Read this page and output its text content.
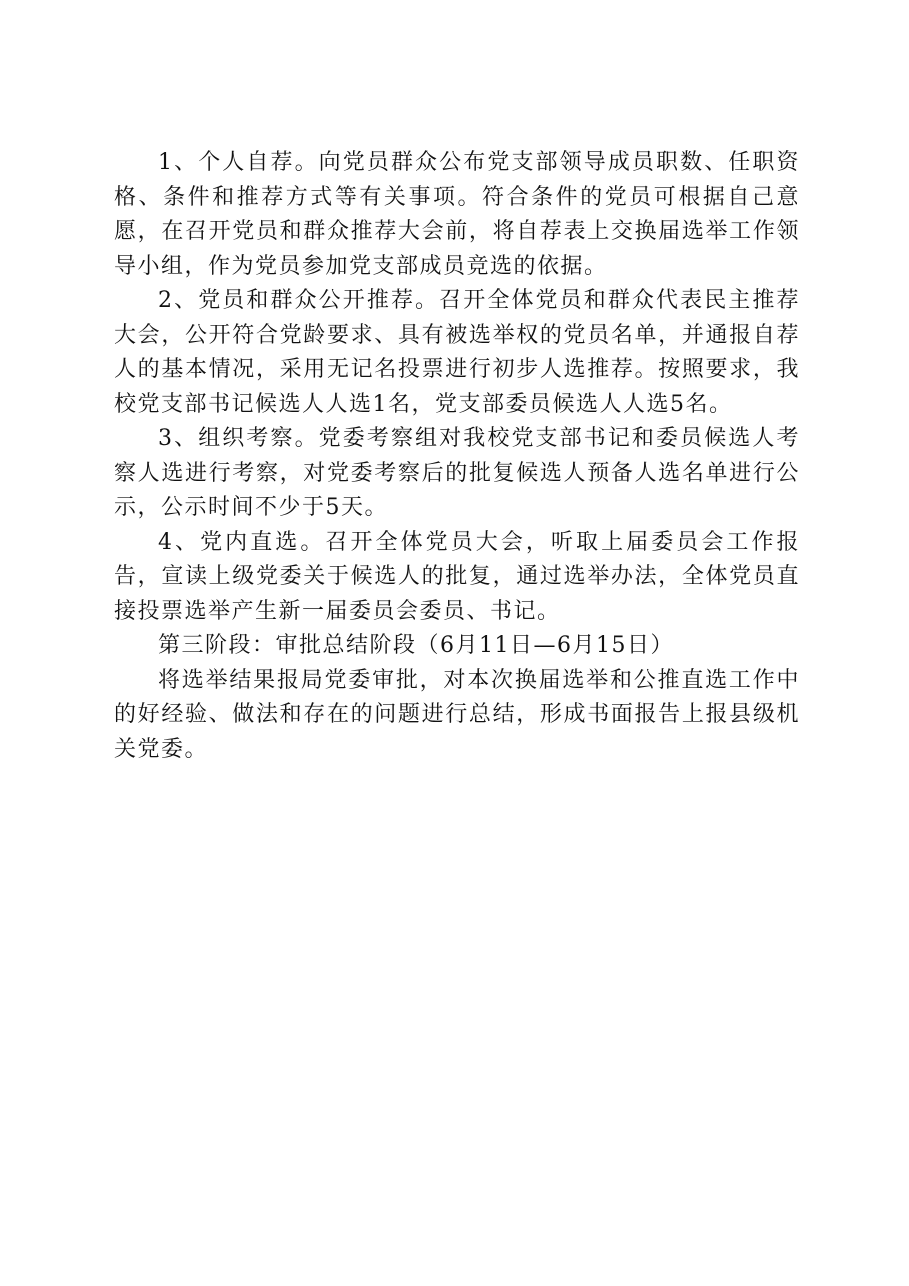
1、个人自荐。向党员群众公布党支部领导成员职数、任职资格、条件和推荐方式等有关事项。符合条件的党员可根据自己意愿，在召开党员和群众推荐大会前，将自荐表上交换届选举工作领导小组，作为党员参加党支部成员竞选的依据。

2、党员和群众公开推荐。召开全体党员和群众代表民主推荐大会，公开符合党龄要求、具有被选举权的党员名单，并通报自荐人的基本情况，采用无记名投票进行初步人选推荐。按照要求，我校党支部书记候选人人选1名，党支部委员候选人人选5名。

3、组织考察。党委考察组对我校党支部书记和委员候选人考察人选进行考察，对党委考察后的批复候选人预备人选名单进行公示，公示时间不少于5天。

4、党内直选。召开全体党员大会，听取上届委员会工作报告，宣读上级党委关于候选人的批复，通过选举办法，全体党员直接投票选举产生新一届委员会委员、书记。

第三阶段：审批总结阶段（6月11日—6月15日）

将选举结果报局党委审批，对本次换届选举和公推直选工作中的好经验、做法和存在的问题进行总结，形成书面报告上报县级机关党委。
